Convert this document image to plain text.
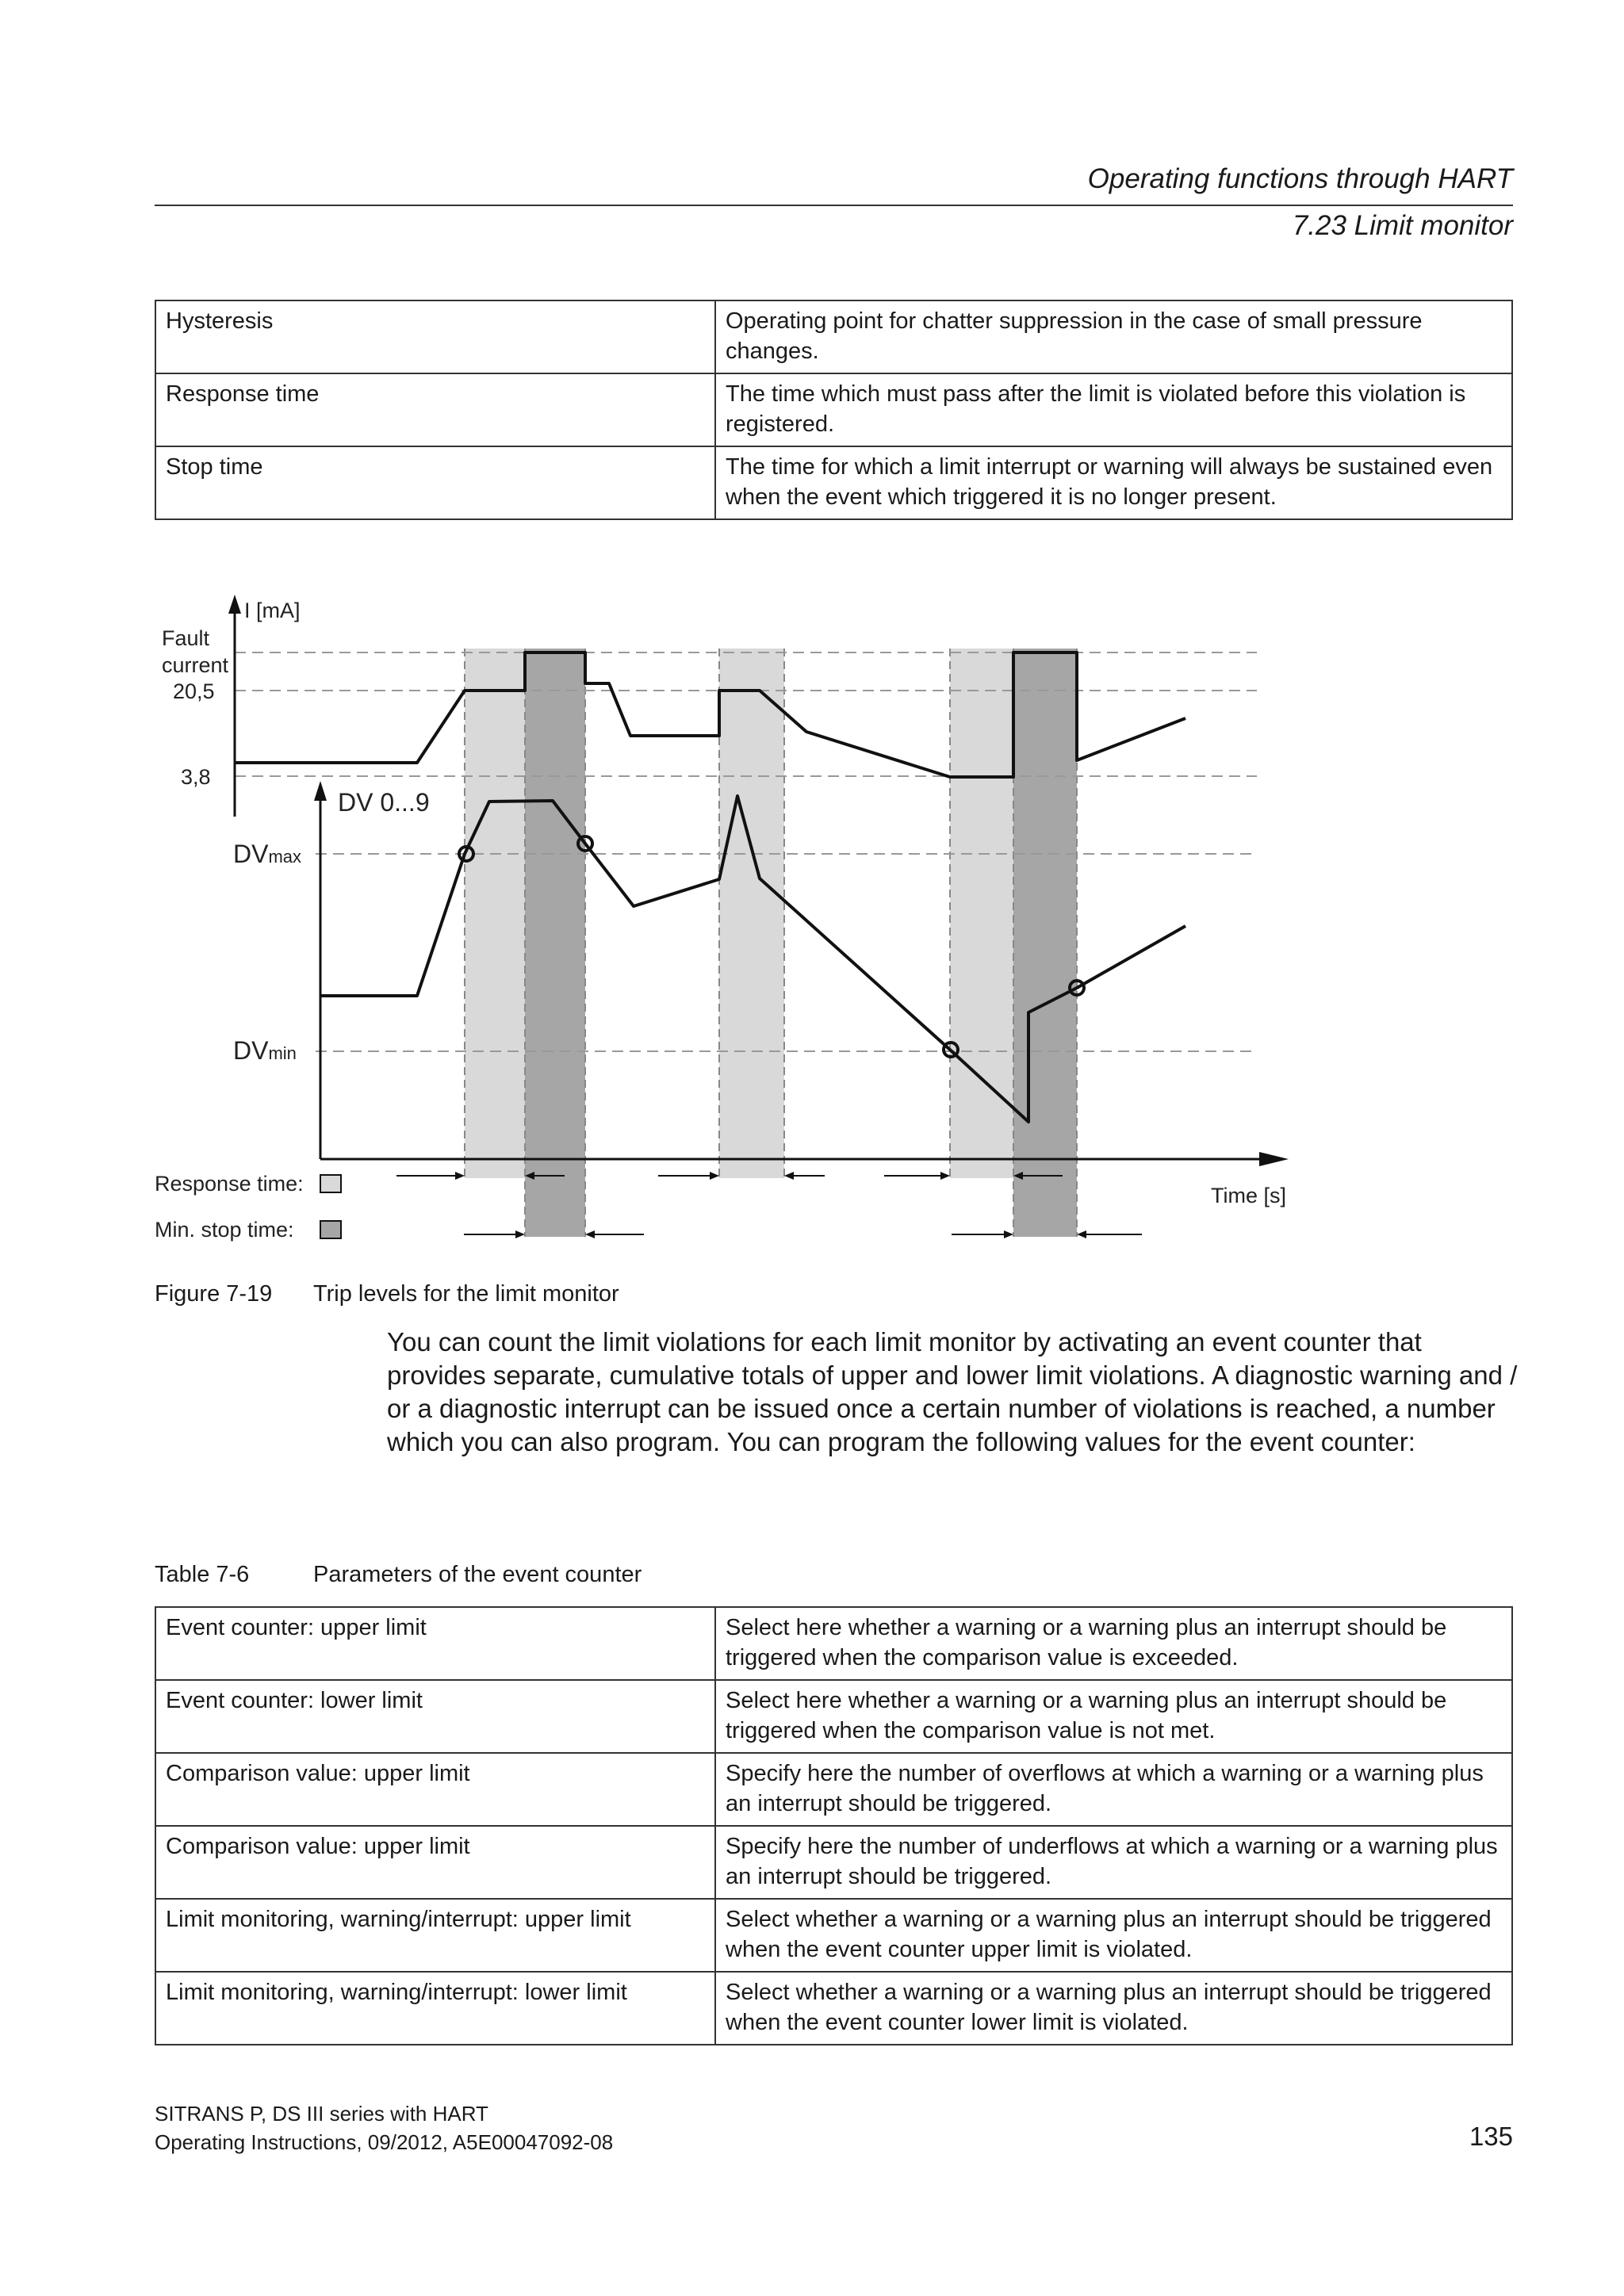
Operating functions through HART
7.23 Limit monitor
Hysteresis	Operating point for chatter suppression in the case of small pressure changes.
Response time	The time which must pass after the limit is violated before this violation is registered.
Stop time	The time for which a limit interrupt or warning will always be sustained even when the event which triggered it is no longer present.
I [mA]
Fault
current
20,5
3,8
DV 0...9
DVmax
DVmin
Time [s]
Response time:
Min. stop time:
Figure 7-19 Trip levels for the limit monitor
You can count the limit violations for each limit monitor by activating an event counter that provides separate, cumulative totals of upper and lower limit violations. A diagnostic warning and / or a diagnostic interrupt can be issued once a certain number of violations is reached, a number which you can also program. You can program the following values for the event counter:
Table 7-6	Parameters of the event counter
Event counter: upper limit	Select here whether a warning or a warning plus an interrupt should be triggered when the comparison value is exceeded.
Event counter: lower limit	Select here whether a warning or a warning plus an interrupt should be triggered when the comparison value is not met.
Comparison value: upper limit	Specify here the number of overflows at which a warning or a warning plus an interrupt should be triggered.
Comparison value: upper limit	Specify here the number of underflows at which a warning or a warning plus an interrupt should be triggered.
Limit monitoring, warning/interrupt: upper limit	Select whether a warning or a warning plus an interrupt should be triggered when the event counter upper limit is violated.
Limit monitoring, warning/interrupt: lower limit	Select whether a warning or a warning plus an interrupt should be triggered when the event counter lower limit is violated.
SITRANS P, DS III series with HART
Operating Instructions, 09/2012, A5E00047092-08	135
